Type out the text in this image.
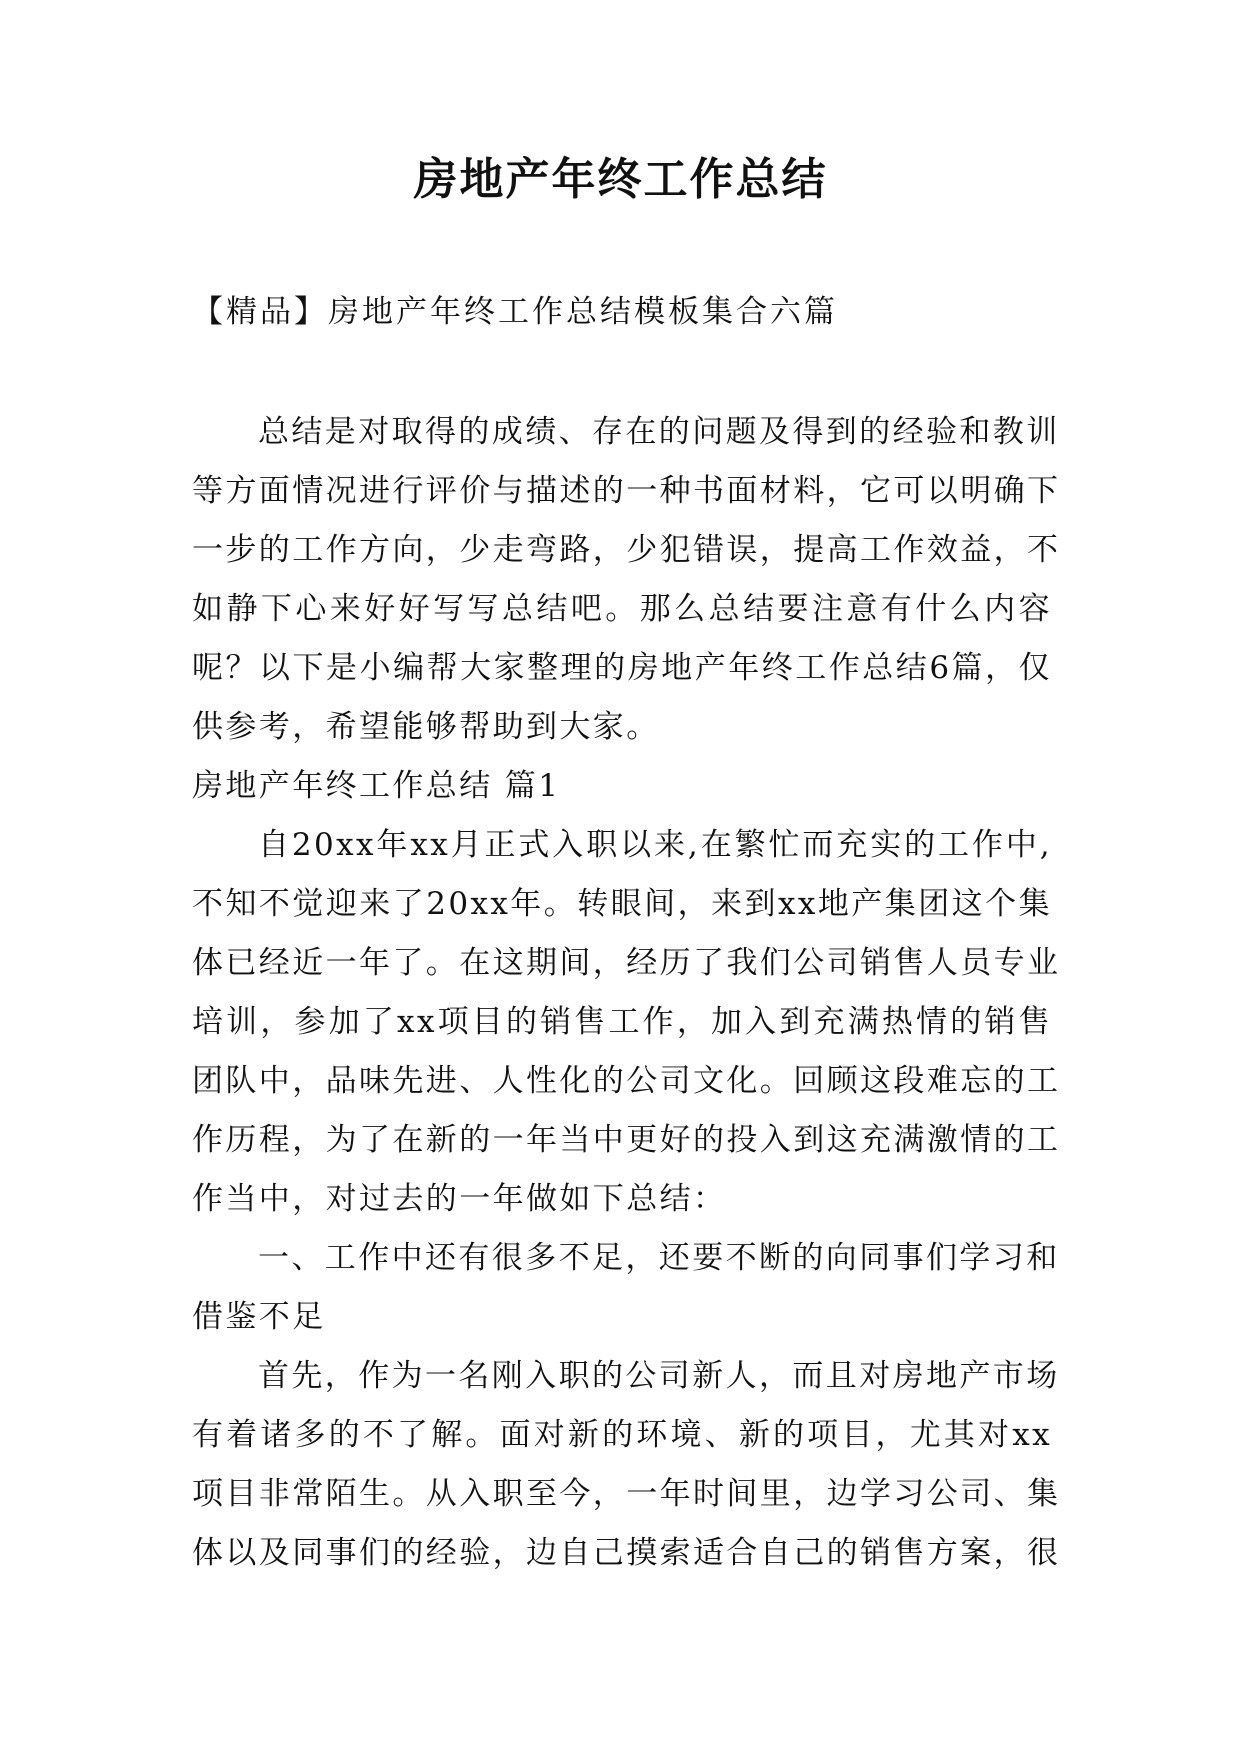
房地产年终工作总结

【精品】房地产年终工作总结模板集合六篇

总结是对取得的成绩、存在的问题及得到的经验和教训

等方面情况进行评价与描述的一种书面材料，它可以明确下

一步的工作方向，少走弯路，少犯错误，提高工作效益，不

如静下心来好好写写总结吧。那么总结要注意有什么内容

呢？以下是小编帮大家整理的房地产年终工作总结6篇，仅

供参考，希望能够帮助到大家。

房地产年终工作总结 篇1

自20xx年xx月正式入职以来,在繁忙而充实的工作中,

不知不觉迎来了20xx年。转眼间，来到xx地产集团这个集

体已经近一年了。在这期间，经历了我们公司销售人员专业

培训，参加了xx项目的销售工作，加入到充满热情的销售

团队中，品味先进、人性化的公司文化。回顾这段难忘的工

作历程，为了在新的一年当中更好的投入到这充满激情的工

作当中，对过去的一年做如下总结：

一、工作中还有很多不足，还要不断的向同事们学习和

借鉴不足

首先，作为一名刚入职的公司新人，而且对房地产市场

有着诸多的不了解。面对新的环境、新的项目，尤其对xx

项目非常陌生。从入职至今，一年时间里，边学习公司、集

体以及同事们的经验，边自己摸索适合自己的销售方案，很
